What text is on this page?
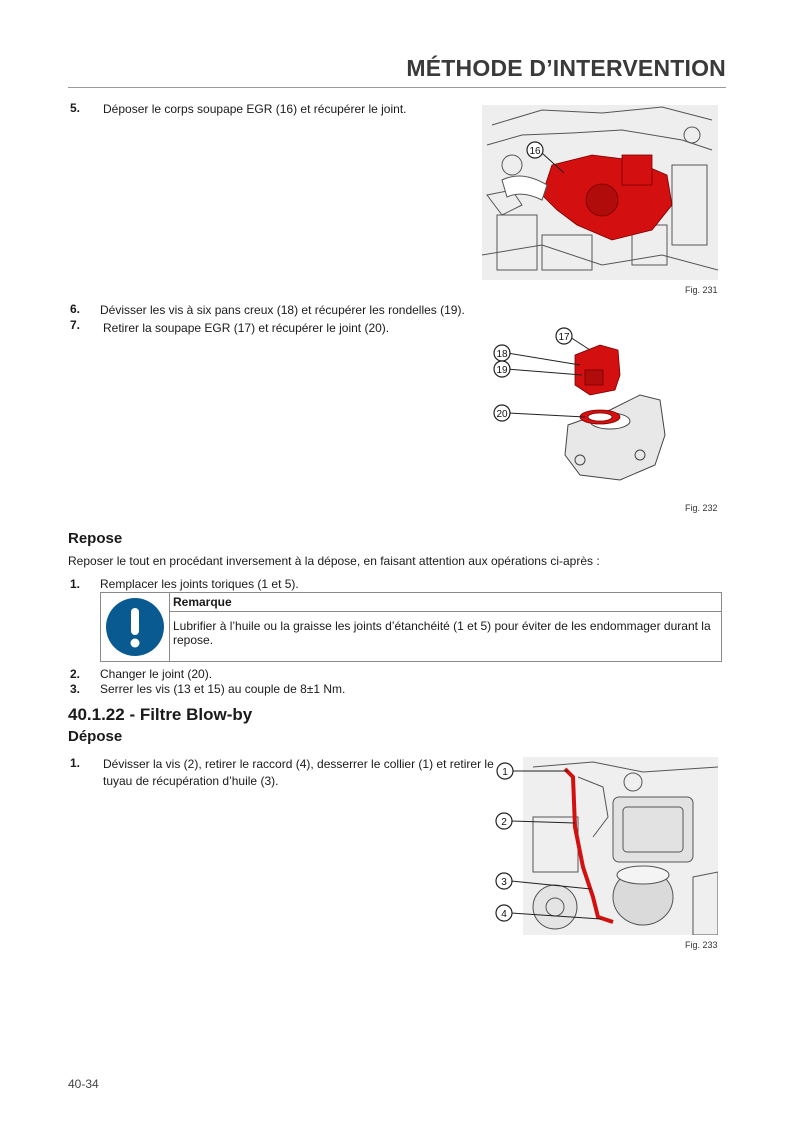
MÉTHODE D’INTERVENTION
5. Déposer le corps soupape EGR (16) et récupérer le joint.
16
Fig. 231
6. Dévisser les vis à six pans creux (18) et récupérer les rondelles (19).
7. Retirer la soupape EGR (17) et récupérer le joint (20).
17
18
19
20
Fig. 232
Repose
Reposer le tout en procédant inversement à la dépose, en faisant attention aux opérations ci-après :
1. Remplacer les joints toriques (1 et 5).
Remarque
Lubrifier à l’huile ou la graisse les joints d’étanchéité (1 et 5) pour éviter de les endommager durant la repose.
2. Changer le joint (20).
3. Serrer les vis (13 et 15) au couple de 8±1 Nm.
40.1.22 - Filtre Blow-by
Dépose
1. Dévisser la vis (2), retirer le raccord (4), desserrer le collier (1) et retirer le
tuyau de récupération d’huile (3).
1
2
3
4
Fig. 233
40-34
